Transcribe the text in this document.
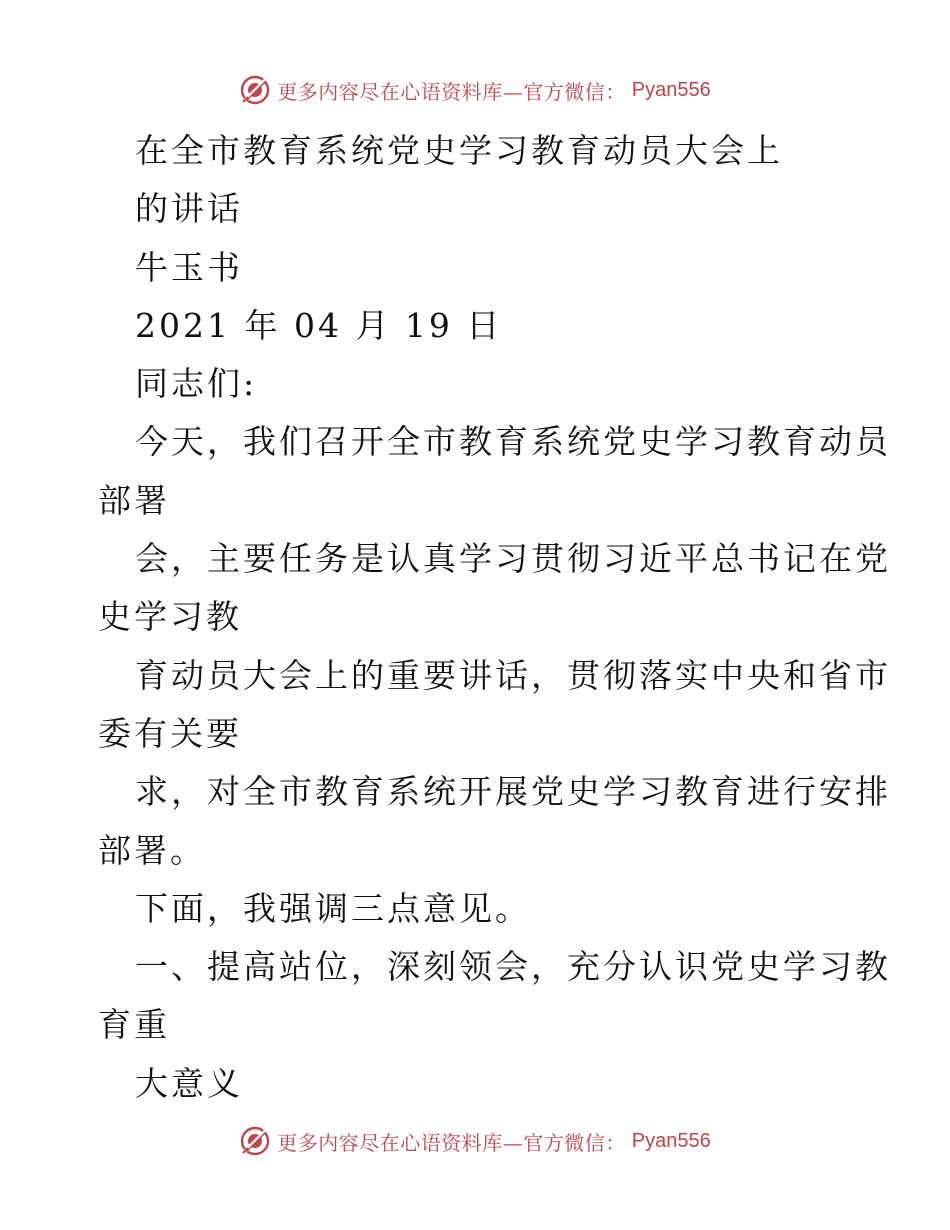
更多内容尽在心语资料库—官方微信： Pyan556
在全市教育系统党史学习教育动员大会上
的讲话
牛玉书
2021 年 04 月 19 日
同志们:
今天，我们召开全市教育系统党史学习教育动员
部署
会，主要任务是认真学习贯彻习近平总书记在党
史学习教
育动员大会上的重要讲话，贯彻落实中央和省市
委有关要
求，对全市教育系统开展党史学习教育进行安排
部署。
下面，我强调三点意见。
一、提高站位，深刻领会，充分认识党史学习教
育重
大意义
更多内容尽在心语资料库—官方微信： Pyan556
